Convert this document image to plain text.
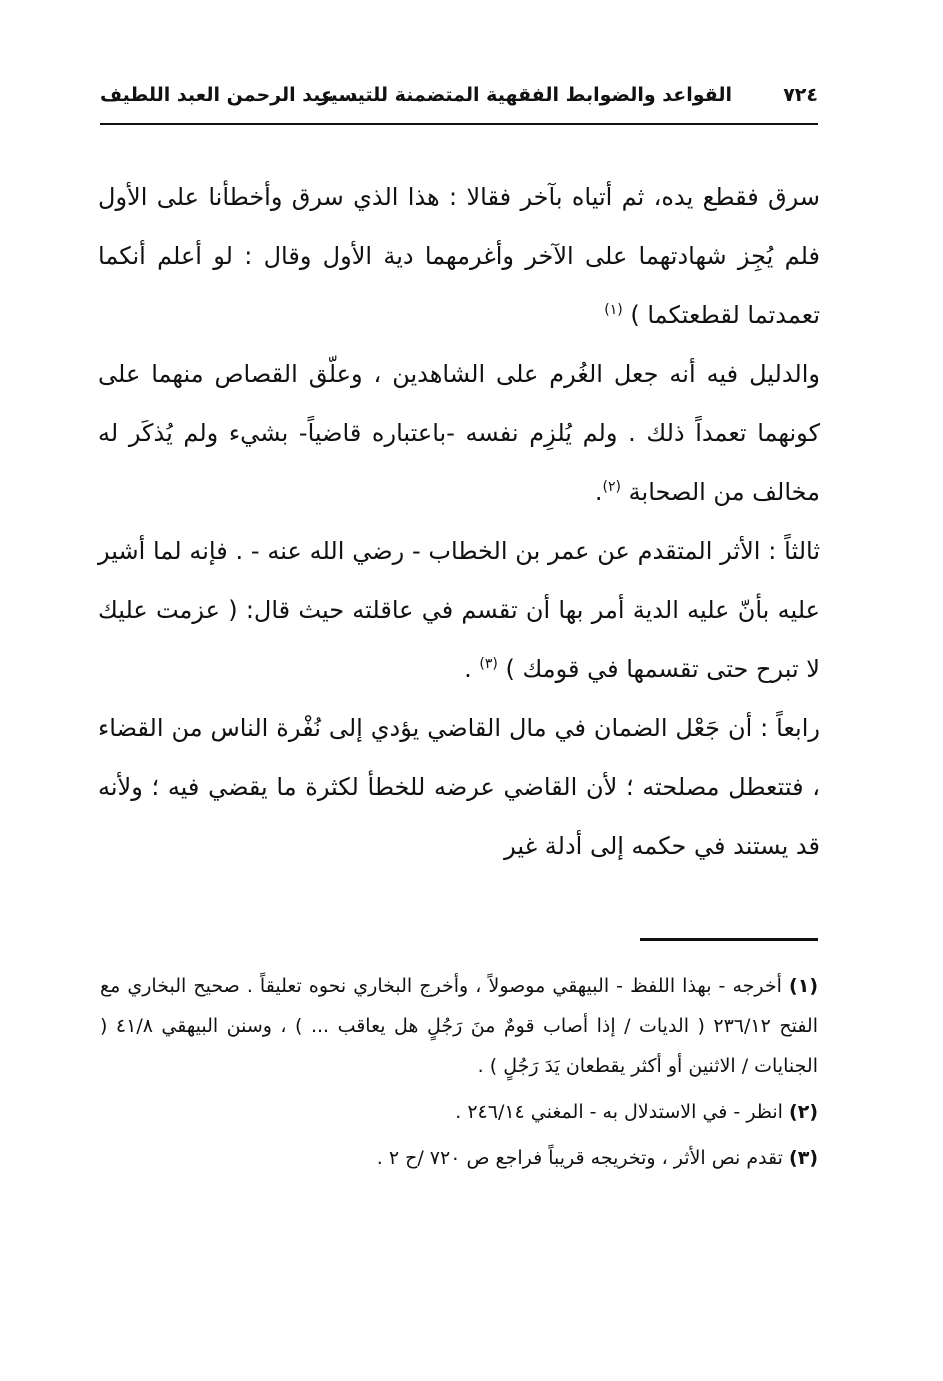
٧٢٤
القواعد والضوابط الفقهية المتضمنة للتيسير
د. عبد الرحمن العبد اللطيف

سرق فقطع يده، ثم أتياه بآخر فقالا : هذا الذي سرق وأخطأنا على الأول فلم يُجِز شهادتهما على الآخر وأغرمهما دية الأول وقال : لو أعلم أنكما تعمدتما لقطعتكما ) $^{(١)}$

والدليل فيه أنه جعل الغُرم على الشاهدين ، وعلّق القصاص منهما على كونهما تعمداً ذلك . ولم يُلزِم نفسه -باعتباره قاضياً- بشيء ولم يُذكَر له مخالف من الصحابة $^{(٢)}$.

ثالثاً : الأثر المتقدم عن عمر بن الخطاب - رضي الله عنه - . فإنه لما أشير عليه بأنّ عليه الدية أمر بها أن تقسم في عاقلته حيث قال: ( عزمت عليك لا تبرح حتى تقسمها في قومك ) $^{(٣)}$ .

رابعاً : أن جَعْل الضمان في مال القاضي يؤدي إلى نُفْرة الناس من القضاء ، فتتعطل مصلحته ؛ لأن القاضي عرضه للخطأ لكثرة ما يقضي فيه ؛ ولأنه قد يستند في حكمه إلى أدلة غير

(١) أخرجه - بهذا اللفظ - البيهقي موصولاً ، وأخرج البخاري نحوه تعليقاً . صحيح البخاري مع الفتح ٢٣٦/١٢ ( الديات / إذا أصاب قومٌ منَ رَجُلٍ هل يعاقب ... ) ، وسنن البيهقي ٤١/٨ ( الجنايات / الاثنين أو أكثر يقطعان يَدَ رَجُلٍ ) .

(٢) انظر - في الاستدلال به - المغني ٢٤٦/١٤ .

(٣) تقدم نص الأثر ، وتخريجه قريباً فراجع ص ٧٢٠ /ح ٢ .
